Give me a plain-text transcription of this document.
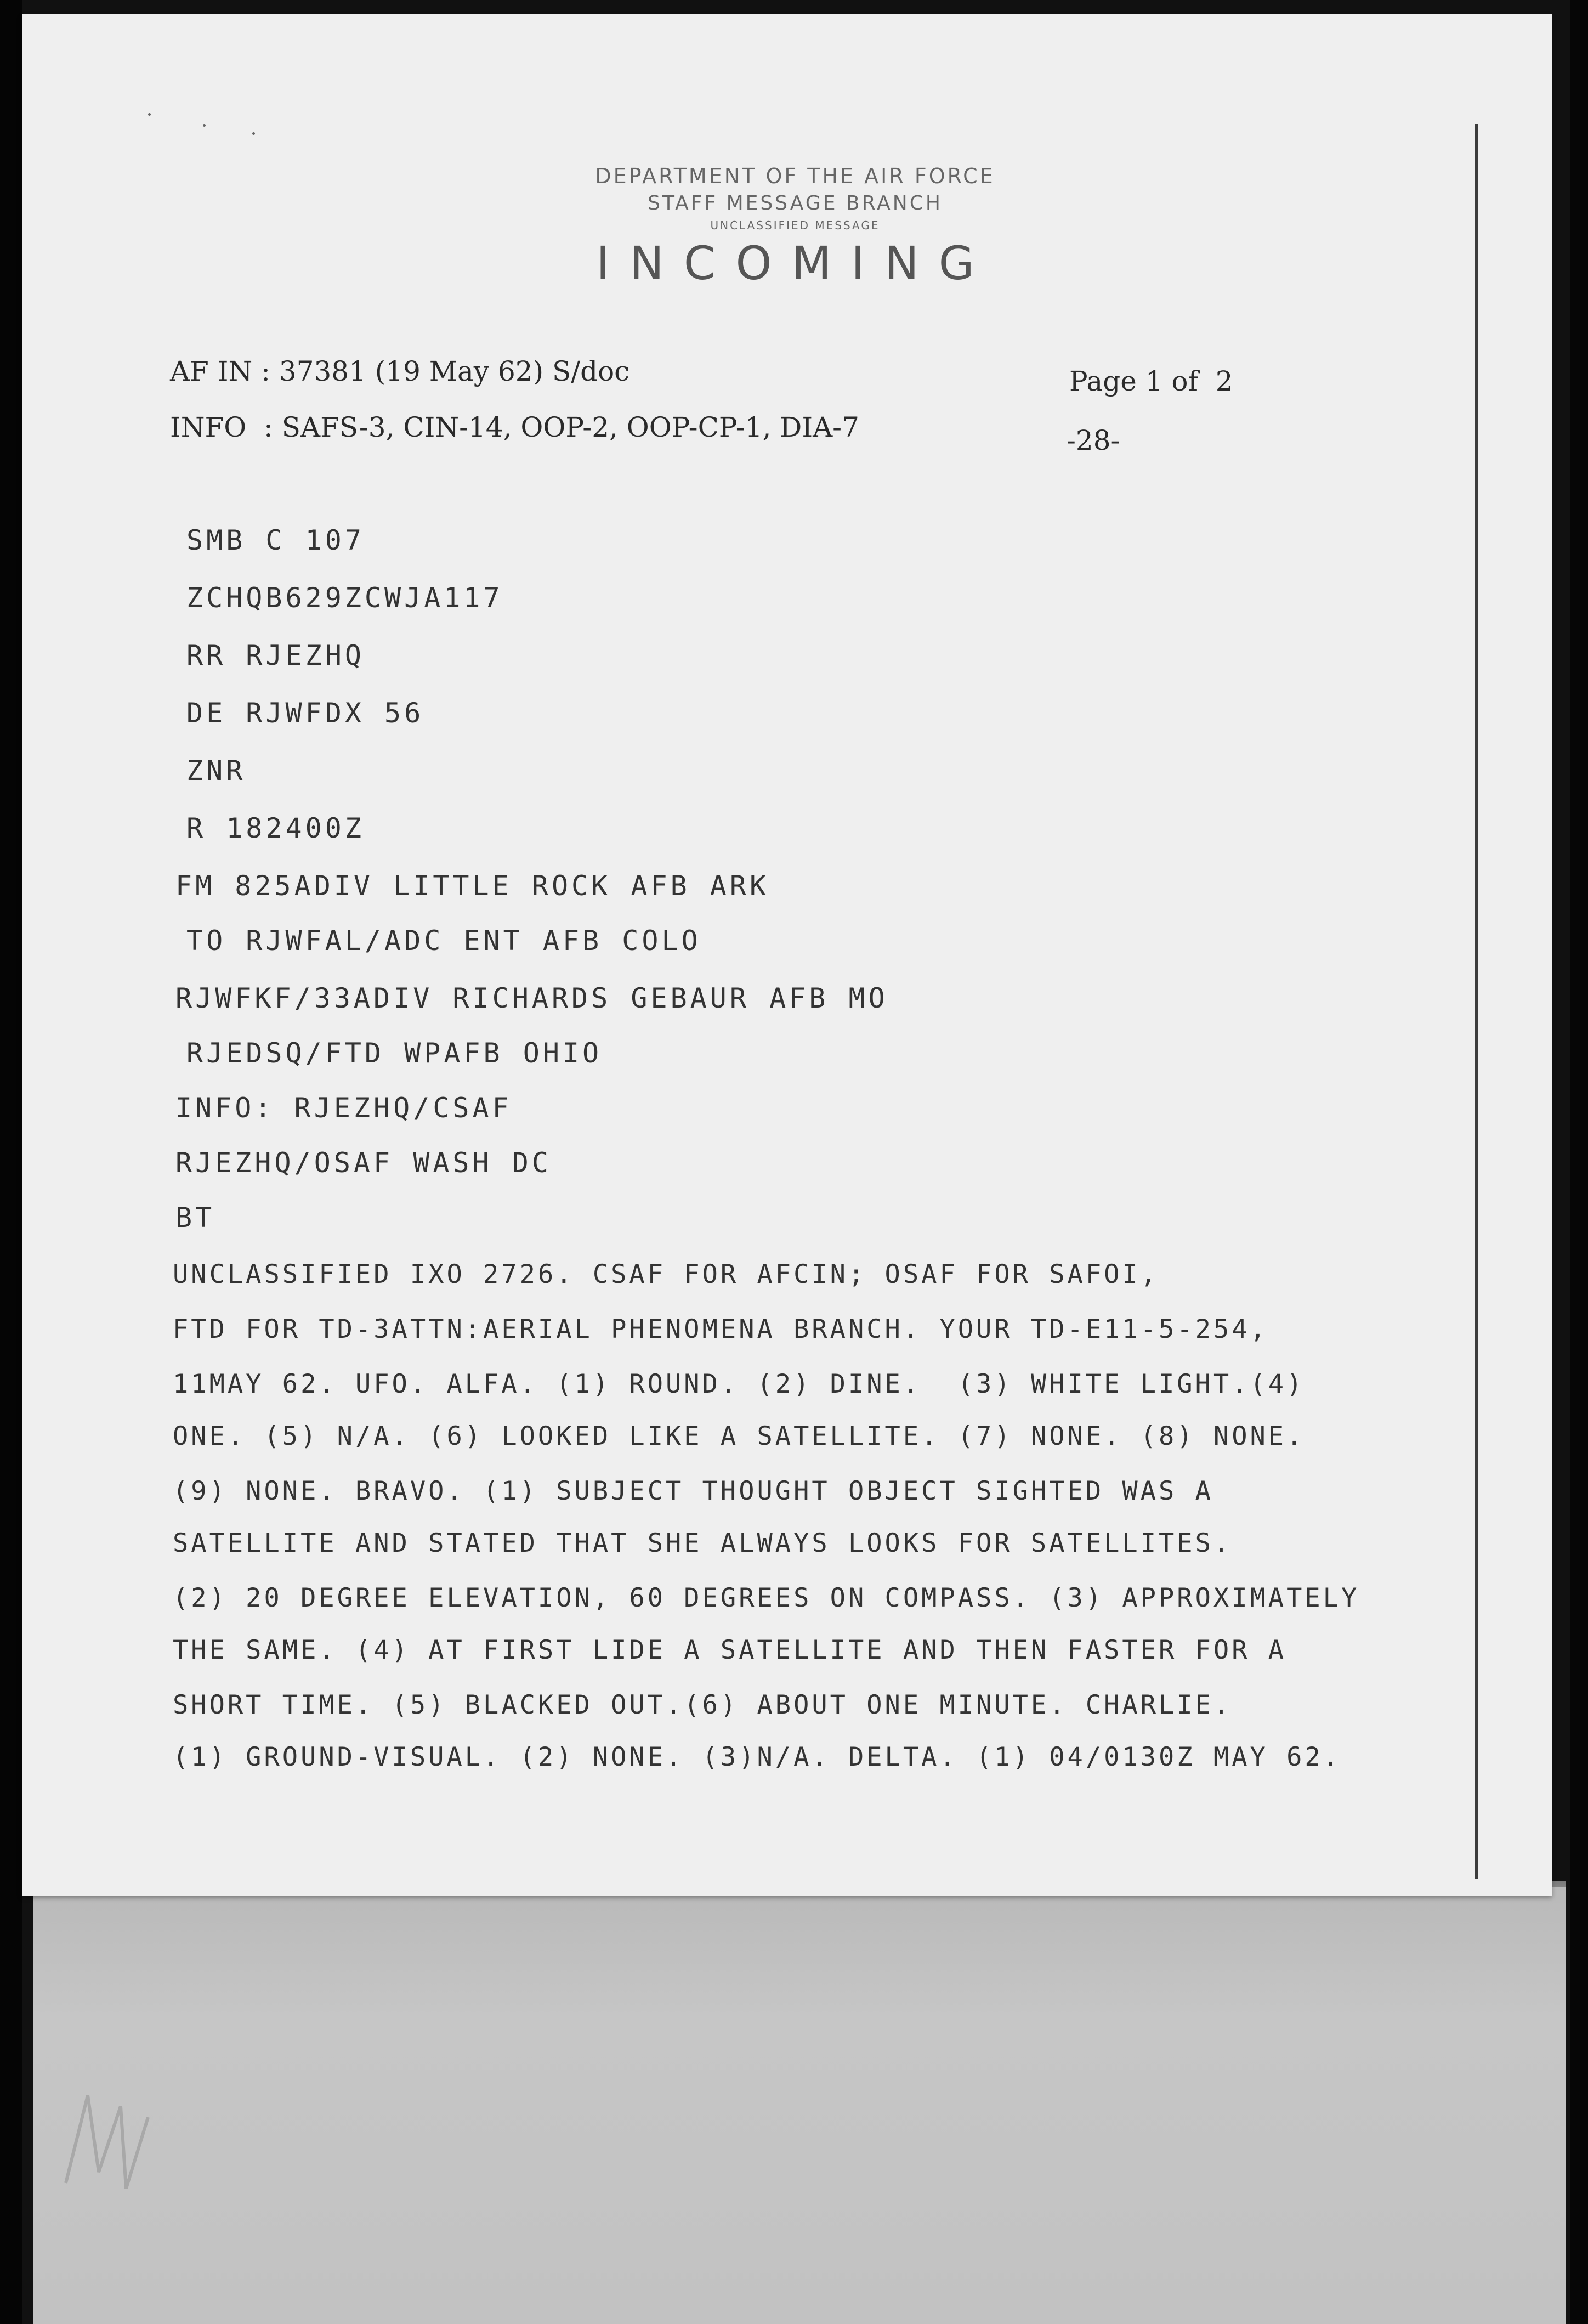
DEPARTMENT OF THE AIR FORCE
STAFF MESSAGE BRANCH
UNCLASSIFIED MESSAGE
INCOMING
AF IN : 37381 (19 May 62) S/doc
INFO  : SAFS-3, CIN-14, OOP-2, OOP-CP-1, DIA-7
Page 1 of  2
-28-
SMB C 107
ZCHQB629ZCWJA117
RR RJEZHQ
DE RJWFDX 56
ZNR
R 182400Z
FM 825ADIV LITTLE ROCK AFB ARK
TO RJWFAL/ADC ENT AFB COLO
RJWFKF/33ADIV RICHARDS GEBAUR AFB MO
RJEDSQ/FTD WPAFB OHIO
INFO: RJEZHQ/CSAF
RJEZHQ/OSAF WASH DC
BT
UNCLASSIFIED IXO 2726. CSAF FOR AFCIN; OSAF FOR SAFOI,
FTD FOR TD-3ATTN:AERIAL PHENOMENA BRANCH. YOUR TD-E11-5-254,
11MAY 62. UFO. ALFA. (1) ROUND. (2) DINE.  (3) WHITE LIGHT.(4)
ONE. (5) N/A. (6) LOOKED LIKE A SATELLITE. (7) NONE. (8) NONE.
(9) NONE. BRAVO. (1) SUBJECT THOUGHT OBJECT SIGHTED WAS A
SATELLITE AND STATED THAT SHE ALWAYS LOOKS FOR SATELLITES.
(2) 20 DEGREE ELEVATION, 60 DEGREES ON COMPASS. (3) APPROXIMATELY
THE SAME. (4) AT FIRST LIDE A SATELLITE AND THEN FASTER FOR A
SHORT TIME. (5) BLACKED OUT.(6) ABOUT ONE MINUTE. CHARLIE.
(1) GROUND-VISUAL. (2) NONE. (3)N/A. DELTA. (1) 04/0130Z MAY 62.
